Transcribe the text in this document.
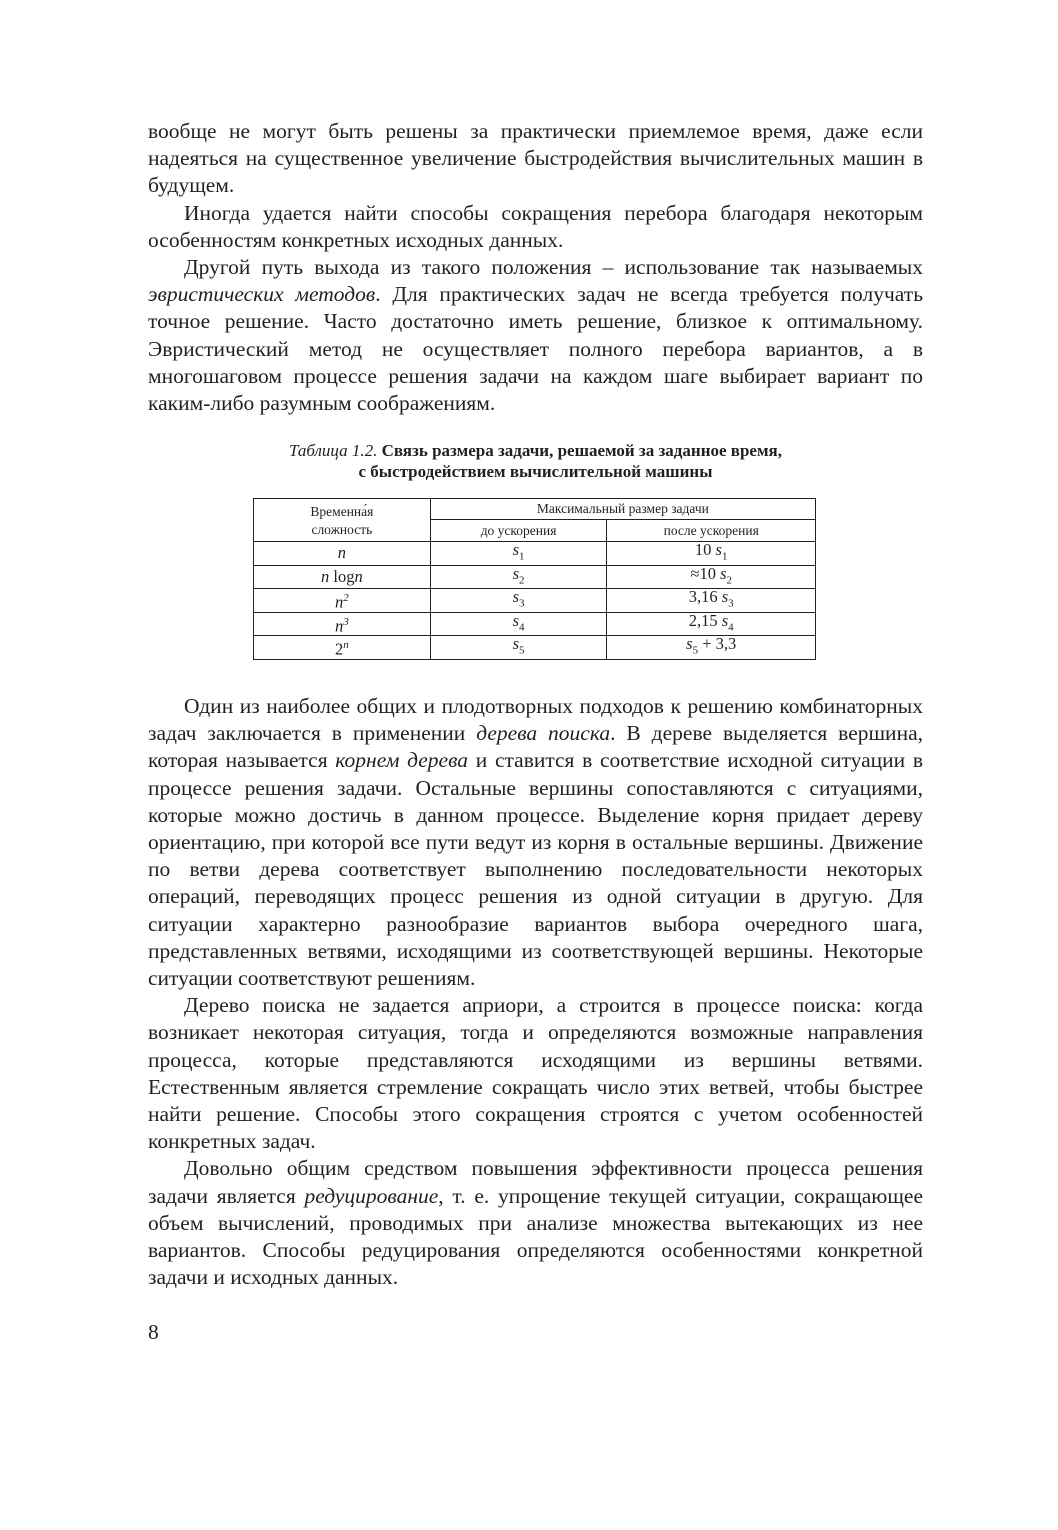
вообще не могут быть решены за практически приемлемое время, даже если надеяться на существенное увеличение быстродействия вычислительных машин в будущем.

Иногда удается найти способы сокращения перебора благодаря некоторым особенностям конкретных исходных данных.

Другой путь выхода из такого положения – использование так называемых эвристических методов. Для практических задач не всегда требуется получать точное решение. Часто достаточно иметь решение, близкое к оптимальному. Эвристический метод не осуществляет полного перебора вариантов, а в многошаговом процессе решения задачи на каждом шаге выбирает вариант по каким-либо разумным соображениям.

Таблица 1.2. Связь размера задачи, решаемой за заданное время,
с быстродействием вычислительной машины
Временна́я сложность	Максимальный размер задачи	
	до ускорения	после ускорения
n	$s_1$	10 $s_1$
n logn	$s_2$	≈10 $s_2$
$n^2$	$s_3$	3,16 $s_3$
$n^3$	$s_4$	2,15 $s_4$
2$^n$	$s_5$	$s_5 + 3,3$

Один из наиболее общих и плодотворных подходов к решению комбинаторных задач заключается в применении дерева поиска. В дереве выделяется вершина, которая называется корнем дерева и ставится в соответствие исходной ситуации в процессе решения задачи. Остальные вершины сопоставляются с ситуациями, которые можно достичь в данном процессе. Выделение корня придает дереву ориентацию, при которой все пути ведут из корня в остальные вершины. Движение по ветви дерева соответствует выполнению последовательности некоторых операций, переводящих процесс решения из одной ситуации в другую. Для ситуации характерно разнообразие вариантов выбора очередного шага, представленных ветвями, исходящими из соответствующей вершины. Некоторые ситуации соответствуют решениям.

Дерево поиска не задается априори, а строится в процессе поиска: когда возникает некоторая ситуация, тогда и определяются возможные направления процесса, которые представляются исходящими из вершины ветвями. Естественным является стремление сокращать число этих ветвей, чтобы быстрее найти решение. Способы этого сокращения строятся с учетом особенностей конкретных задач.

Довольно общим средством повышения эффективности процесса решения задачи является редуцирование, т. е. упрощение текущей ситуации, сокращающее объем вычислений, проводимых при анализе множества вытекающих из нее вариантов. Способы редуцирования определяются особенностями конкретной задачи и исходных данных.

8
